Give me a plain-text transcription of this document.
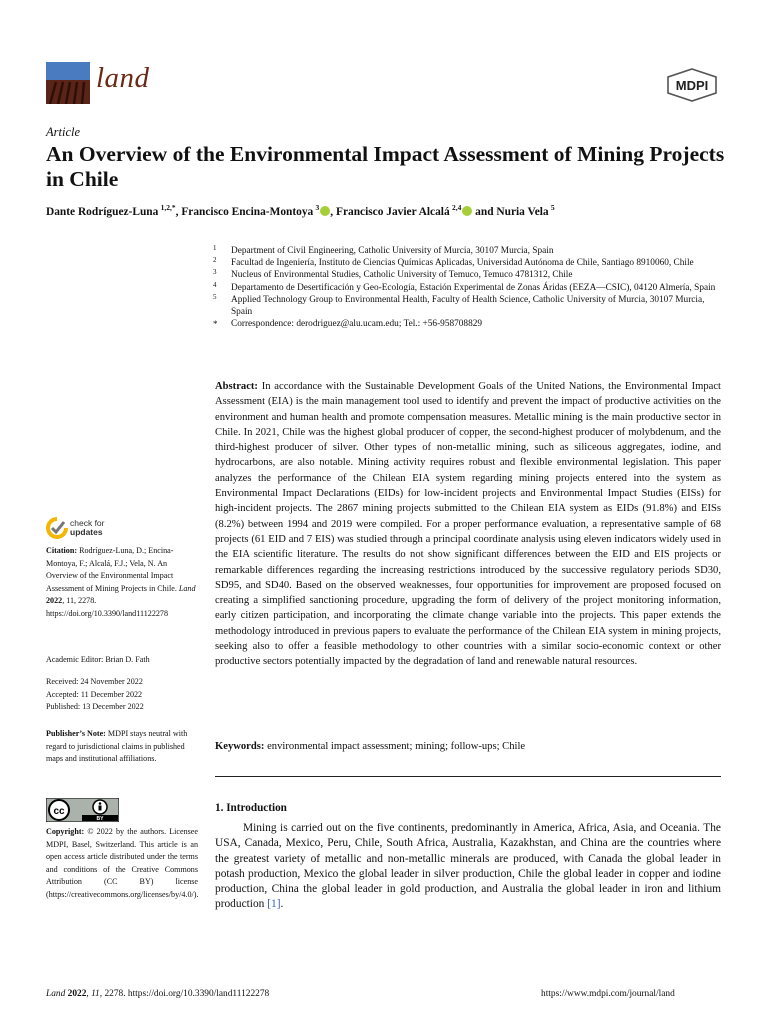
land	MDPI
Article
An Overview of the Environmental Impact Assessment of Mining Projects in Chile
Dante Rodríguez-Luna  $^{1,2,*}$, Francisco Encina-Montoya  $^3$ , Francisco Javier Alcalá  $^{2,4}$ and Nuria Vela  $^5$
1 Department of Civil Engineering, Catholic University of Murcia, 30107 Murcia, Spain
2 Facultad de Ingeniería, Instituto de Ciencias Químicas Aplicadas, Universidad Autónoma de Chile, Santiago 8910060, Chile
3 Nucleus of Environmental Studies, Catholic University of Temuco, Temuco 4781312, Chile
4 Departamento de Desertificación y Geo-Ecología, Estación Experimental de Zonas Áridas (EEZA—CSIC), 04120 Almería, Spain
5 Applied Technology Group to Environmental Health, Faculty of Health Science, Catholic University of Murcia, 30107 Murcia, Spain
* Correspondence: derodriguez@alu.ucam.edu; Tel.: +56-958708829
Abstract: In accordance with the Sustainable Development Goals of the United Nations, the Environmental Impact Assessment (EIA) is the main management tool used to identify and prevent the impact of productive activities on the environment and human health and promote compensation measures. Metallic mining is the main productive sector in Chile. In 2021, Chile was the highest global producer of copper, the second-highest producer of molybdenum, and the third-highest producer of silver. Other types of non-metallic mining, such as siliceous aggregates, iodine, and hydrocarbons, are also notable. Mining activity requires robust and flexible environmental legislation. This paper analyzes the performance of the Chilean EIA system regarding mining projects entered into the system as Environmental Impact Declarations (EIDs) for low-incident projects and Environmental Impact Studies (EISs) for high-incident projects. The 2867 mining projects submitted to the Chilean EIA system as EIDs (91.8%) and EISs (8.2%) between 1994 and 2019 were compiled. For a proper performance evaluation, a representative sample of 68 projects (61 EID and 7 EIS) was studied through a principal coordinate analysis using eleven indicators widely used in the EIA scientific literature. The results do not show significant differences between the EID and EIS projects or remarkable differences regarding the increasing restrictions introduced by the successive regulatory periods SD30, SD95, and SD40. Based on the observed weaknesses, four opportunities for improvement are proposed focused on creating a simplified sanctioning procedure, upgrading the form of delivery of the project monitoring information, early citizen participation, and incorporating the climate change variable into the projects. This paper extends the methodology introduced in previous papers to evaluate the performance of the Chilean EIA system in mining projects, seeking also to offer a feasible methodology to other countries with a similar socio-economic context or other productive sectors potentially impacted by the degradation of land and renewable natural resources.
Keywords: environmental impact assessment; mining; follow-ups; Chile
1. Introduction
Mining is carried out on the five continents, predominantly in America, Africa, Asia, and Oceania. The USA, Canada, Mexico, Peru, Chile, South Africa, Australia, Kazakhstan, and China are the countries where the greatest variety of metallic and non-metallic minerals are produced, with Canada the global leader in potash production, Mexico the global leader in silver production, Chile the global leader in copper and iodine production, China the global leader in gold production, and Australia the global leader in iron and lithium production [1].
check for
updates
Citation: Rodríguez-Luna, D.; Encina-Montoya, F.; Alcalá, F.J.; Vela, N. An Overview of the Environmental Impact Assessment of Mining Projects in Chile. Land 2022, 11, 2278. https://doi.org/10.3390/land11122278
Academic Editor: Brian D. Fath
Received: 24 November 2022
Accepted: 11 December 2022
Published: 13 December 2022
Publisher’s Note: MDPI stays neutral with regard to jurisdictional claims in published maps and institutional affiliations.
cc
BY
Copyright: © 2022 by the authors. Licensee MDPI, Basel, Switzerland. This article is an open access article distributed under the terms and conditions of the Creative Commons Attribution (CC BY) license (https://creativecommons.org/licenses/by/4.0/).
Land 2022, 11, 2278. https://doi.org/10.3390/land11122278	https://www.mdpi.com/journal/land
